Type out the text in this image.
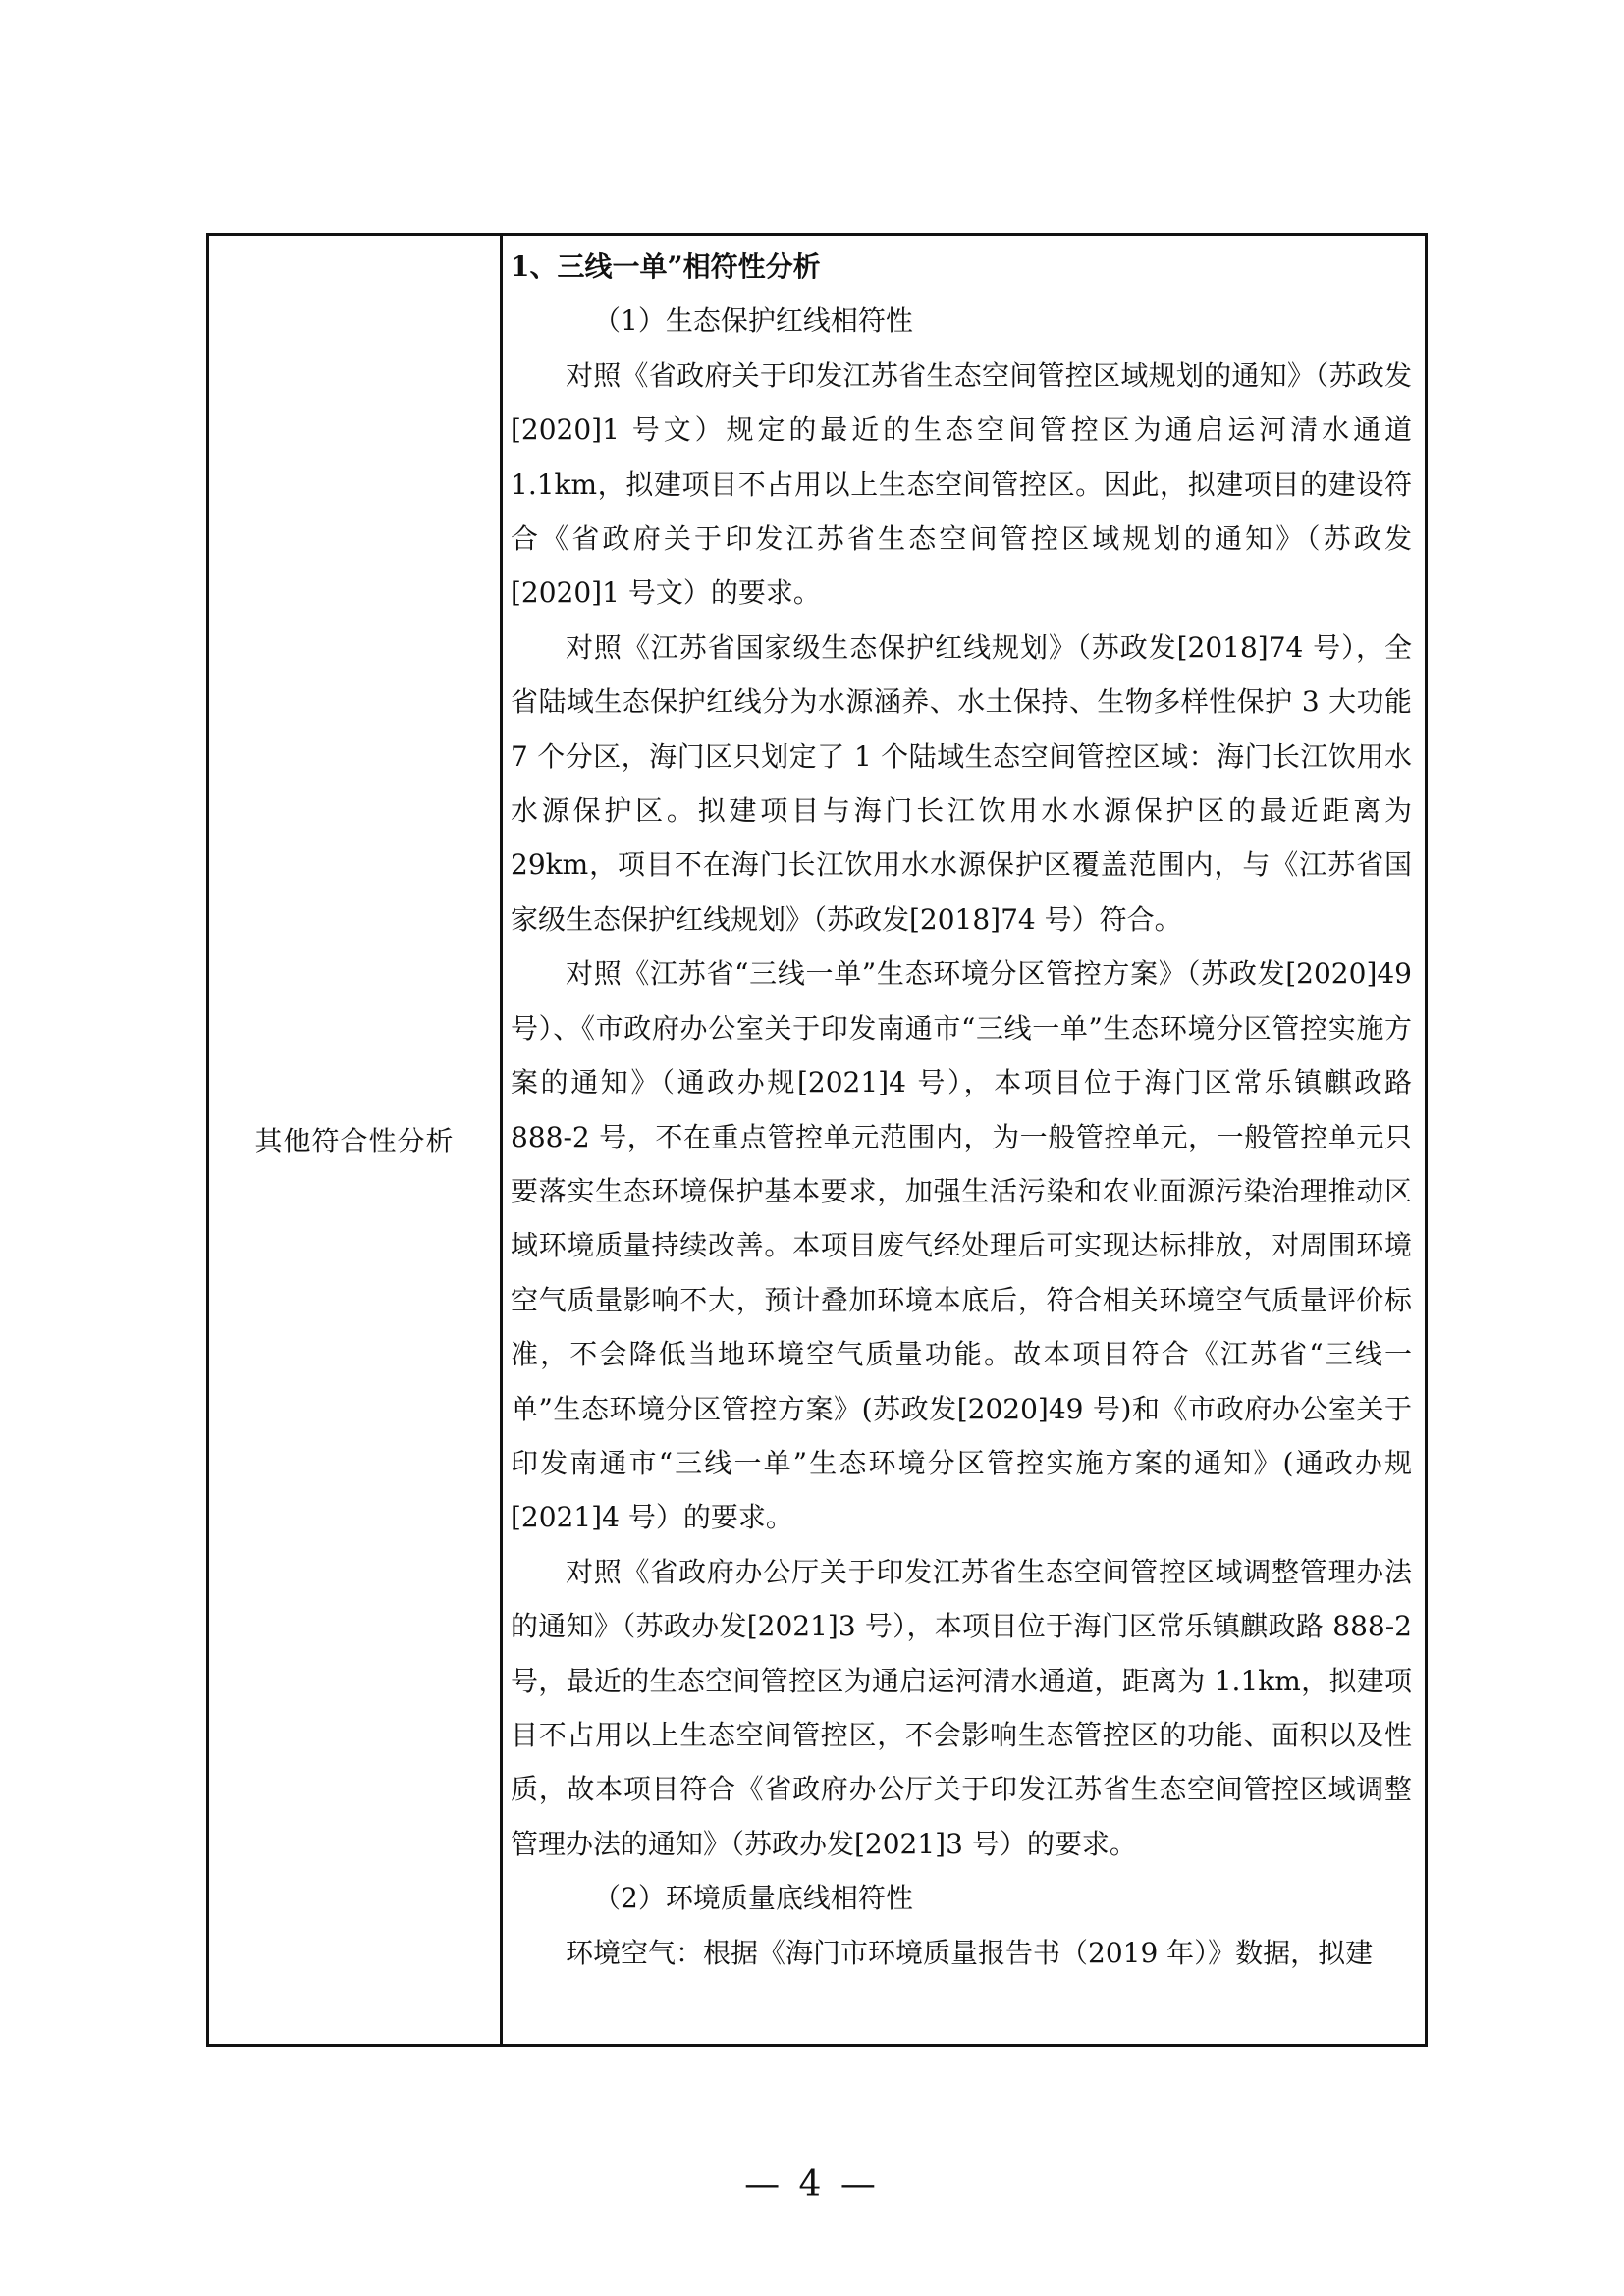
其他符合性分析

1、三线一单”相符性分析

（1）生态保护红线相符性

对照《省政府关于印发江苏省生态空间管控区域规划的通知》（苏政发[2020]1 号文）规定的最近的生态空间管控区为通启运河清水通道 1.1km，拟建项目不占用以上生态空间管控区。因此，拟建项目的建设符合《省政府关于印发江苏省生态空间管控区域规划的通知》（苏政发[2020]1 号文）的要求。

对照《江苏省国家级生态保护红线规划》（苏政发[2018]74 号），全省陆域生态保护红线分为水源涵养、水土保持、生物多样性保护 3 大功能 7 个分区，海门区只划定了 1 个陆域生态空间管控区域：海门长江饮用水水源保护区。拟建项目与海门长江饮用水水源保护区的最近距离为 29km，项目不在海门长江饮用水水源保护区覆盖范围内，与《江苏省国家级生态保护红线规划》（苏政发[2018]74 号）符合。

对照《江苏省“三线一单”生态环境分区管控方案》（苏政发[2020]49 号）、《市政府办公室关于印发南通市“三线一单”生态环境分区管控实施方案的通知》（通政办规[2021]4 号），本项目位于海门区常乐镇麒政路 888-2 号，不在重点管控单元范围内，为一般管控单元，一般管控单元只要落实生态环境保护基本要求，加强生活污染和农业面源污染治理推动区域环境质量持续改善。本项目废气经处理后可实现达标排放，对周围环境空气质量影响不大，预计叠加环境本底后，符合相关环境空气质量评价标准，不会降低当地环境空气质量功能。故本项目符合《江苏省“三线一单”生态环境分区管控方案》(苏政发[2020]49 号)和《市政府办公室关于印发南通市“三线一单”生态环境分区管控实施方案的通知》(通政办规[2021]4 号）的要求。

对照《省政府办公厅关于印发江苏省生态空间管控区域调整管理办法的通知》（苏政办发[2021]3 号），本项目位于海门区常乐镇麒政路 888-2 号，最近的生态空间管控区为通启运河清水通道，距离为 1.1km，拟建项目不占用以上生态空间管控区，不会影响生态管控区的功能、面积以及性质，故本项目符合《省政府办公厅关于印发江苏省生态空间管控区域调整管理办法的通知》（苏政办发[2021]3 号）的要求。

（2）环境质量底线相符性

环境空气：根据《海门市环境质量报告书（2019 年）》数据，拟建

— 4 —
